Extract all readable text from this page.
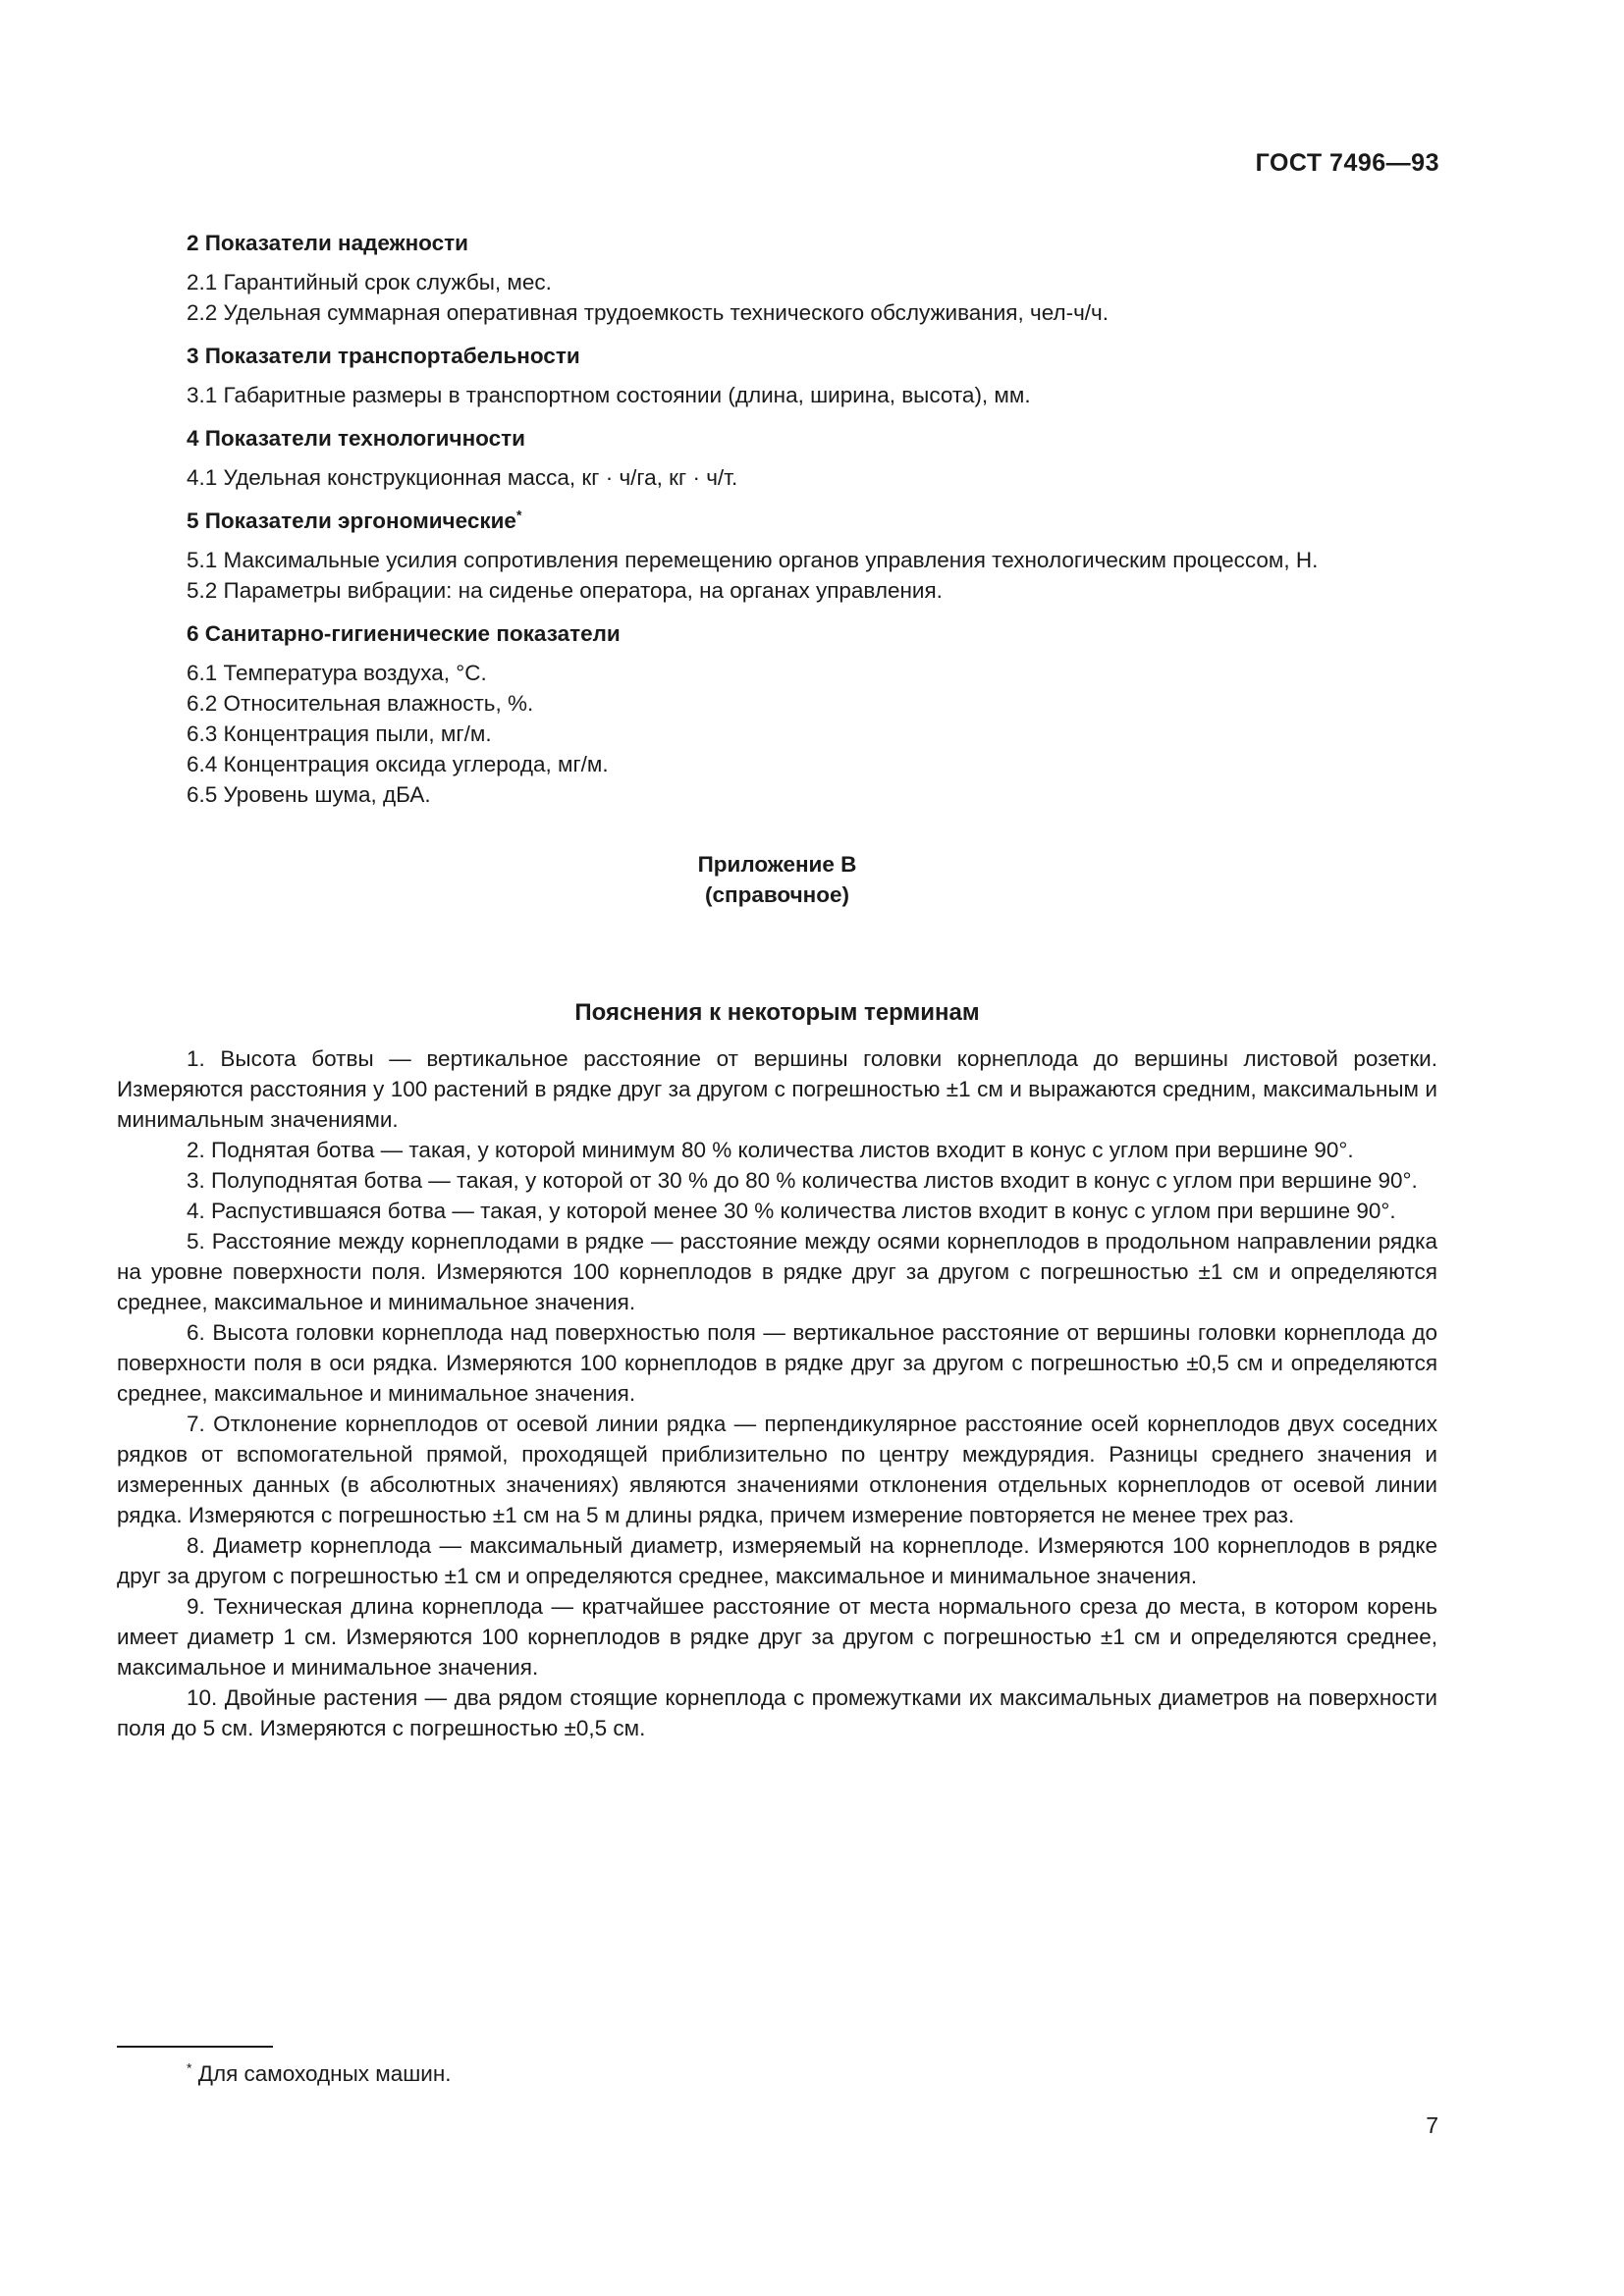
ГОСТ 7496—93
2 Показатели надежности
2.1 Гарантийный срок службы, мес.
2.2 Удельная суммарная оперативная трудоемкость технического обслуживания, чел-ч/ч.
3 Показатели транспортабельности
3.1 Габаритные размеры в транспортном состоянии (длина, ширина, высота), мм.
4 Показатели технологичности
4.1 Удельная конструкционная масса, кг · ч/га, кг · ч/т.
5 Показатели эргономические*

5.1 Максимальные усилия сопротивления перемещению органов управления технологическим процессом, Н.

5.2 Параметры вибрации: на сиденье оператора, на органах управления.

6 Санитарно-гигиенические показатели
6.1 Температура воздуха, °С.
6.2 Относительная влажность, %.
6.3 Концентрация пыли, мг/м.
6.4 Концентрация оксида углерода, мг/м.
6.5 Уровень шума, дБА.
Приложение В
(справочное)
Пояснения к некоторым терминам

1. Высота ботвы — вертикальное расстояние от вершины головки корнеплода до вершины листовой розетки. Измеряются расстояния у 100 растений в рядке друг за другом с погрешностью ±1 см и выражаются средним, максимальным и минимальным значениями.

2. Поднятая ботва — такая, у которой минимум 80 % количества листов входит в конус с углом при вершине 90°.

3. Полуподнятая ботва — такая, у которой от 30 % до 80 % количества листов входит в конус с углом при вершине 90°.

4. Распустившаяся ботва — такая, у которой менее 30 % количества листов входит в конус с углом при вершине 90°.

5. Расстояние между корнеплодами в рядке — расстояние между осями корнеплодов в продольном направлении рядка на уровне поверхности поля. Измеряются 100 корнеплодов в рядке друг за другом с погрешностью ±1 см и определяются среднее, максимальное и минимальное значения.

6. Высота головки корнеплода над поверхностью поля — вертикальное расстояние от вершины головки корнеплода до поверхности поля в оси рядка. Измеряются 100 корнеплодов в рядке друг за другом с погрешностью ±0,5 см и определяются среднее, максимальное и минимальное значения.

7. Отклонение корнеплодов от осевой линии рядка — перпендикулярное расстояние осей корнеплодов двух соседних рядков от вспомогательной прямой, проходящей приблизительно по центру междурядия. Разницы среднего значения и измеренных данных (в абсолютных значениях) являются значениями отклонения отдельных корнеплодов от осевой линии рядка. Измеряются с погрешностью ±1 см на 5 м длины рядка, причем измерение повторяется не менее трех раз.

8. Диаметр корнеплода — максимальный диаметр, измеряемый на корнеплоде. Измеряются 100 корнеплодов в рядке друг за другом с погрешностью ±1 см и определяются среднее, максимальное и минимальное значения.

9. Техническая длина корнеплода — кратчайшее расстояние от места нормального среза до места, в котором корень имеет диаметр 1 см. Измеряются 100 корнеплодов в рядке друг за другом с погрешностью ±1 см и определяются среднее, максимальное и минимальное значения.

10. Двойные растения — два рядом стоящие корнеплода с промежутками их максимальных диаметров на поверхности поля до 5 см. Измеряются с погрешностью ±0,5 см.

* Для самоходных машин.
7
